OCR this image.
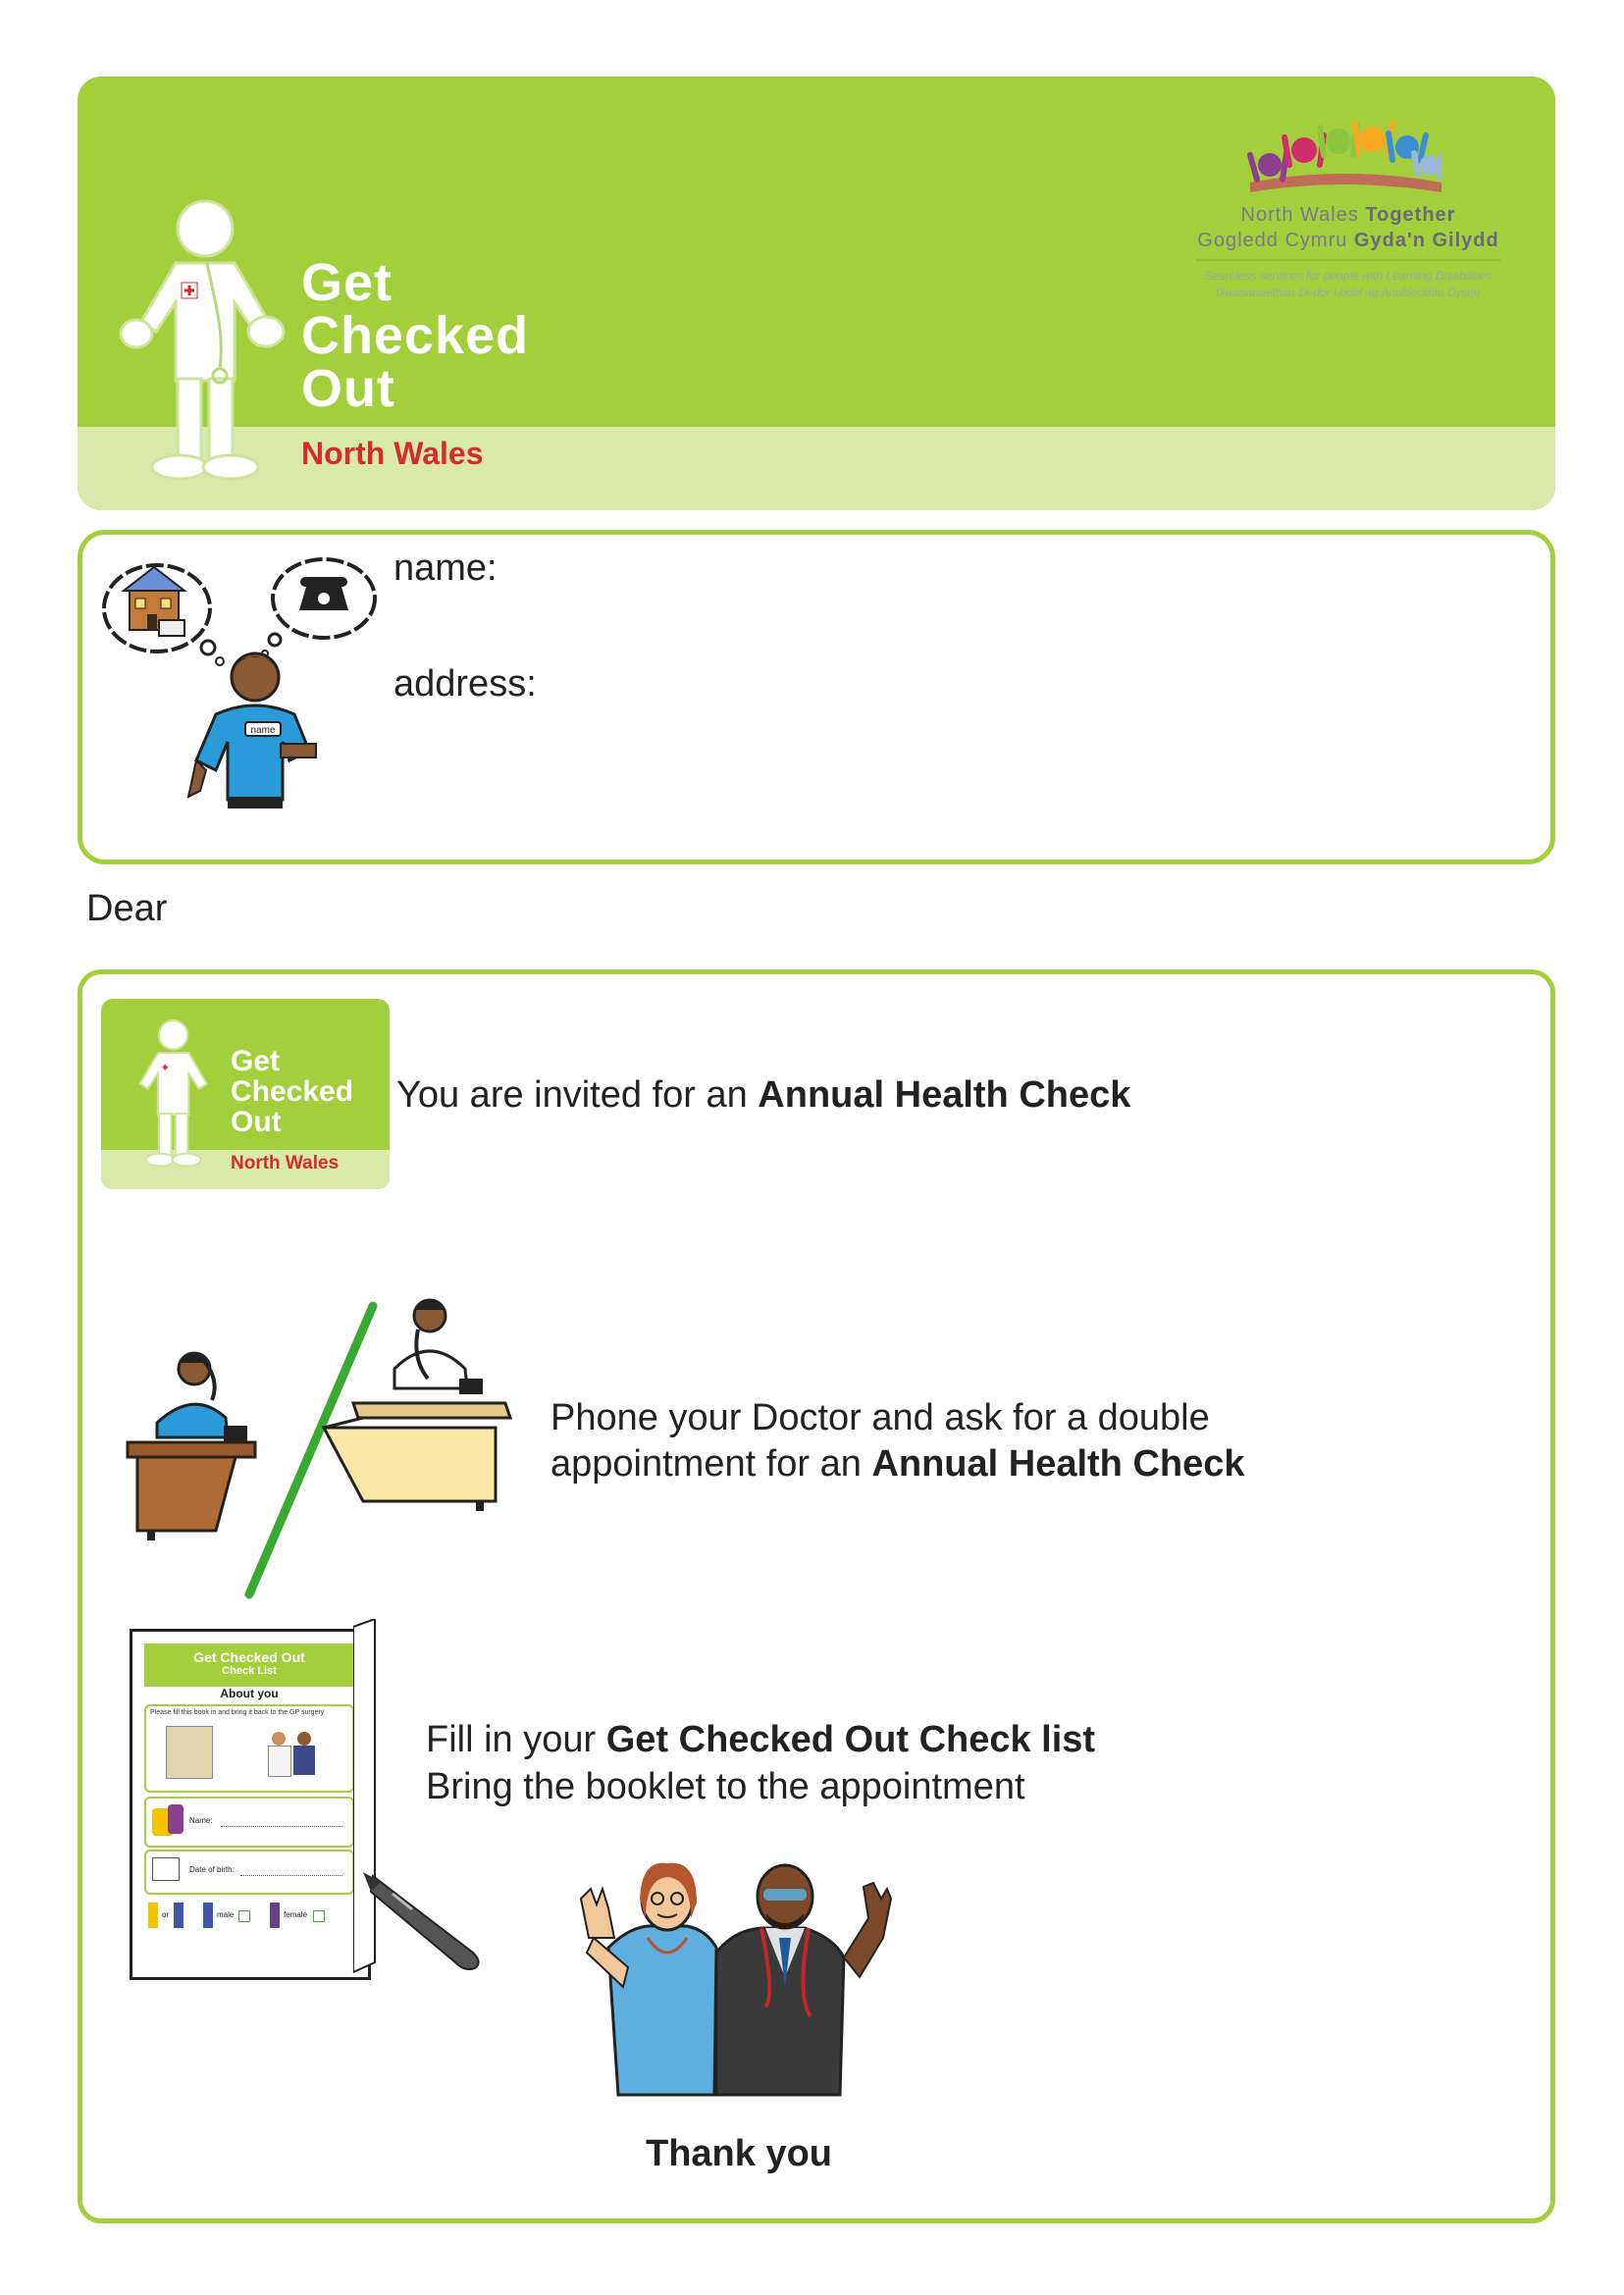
Get
Checked
Out
North Wales
North Wales Together
Gogledd Cymru Gyda'n Gilydd
Seamless services for people with Learning Disabilities
Gwasanaethau Di-dor i bobl ag Anableddau Dysgu
name
name:
address:
Dear
Get
Checked
Out
North Wales
You are invited for an Annual Health Check
Phone your Doctor and ask for a double
appointment for an Annual Health Check
Get Checked Out
Check List
About you
Please fill this book in and bring it back to the GP surgery
Name:
Date of birth:
or	male	female
Fill in your Get Checked Out Check list
Bring the booklet to the appointment
Thank you
